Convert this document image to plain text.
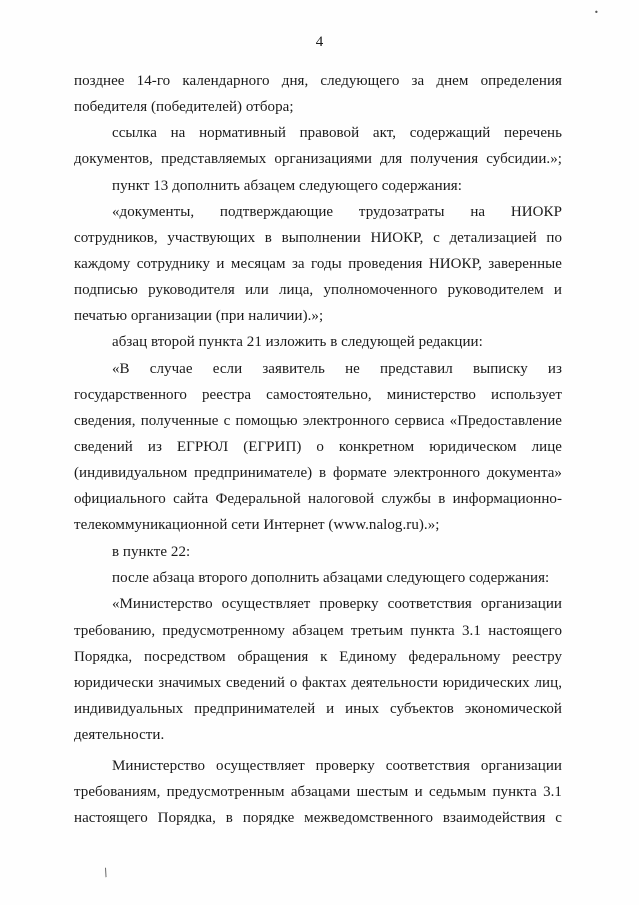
4
•
/
позднее 14-го календарного дня, следующего за днем определения
победителя (победителей) отбора;
ссылка на нормативный правовой акт, содержащий перечень
документов, представляемых организациями для получения субсидии.»;
пункт 13 дополнить абзацем следующего содержания:
«документы, подтверждающие трудозатраты на НИОКР
сотрудников, участвующих в выполнении НИОКР, с детализацией по
каждому сотруднику и месяцам за годы проведения НИОКР, заверенные
подписью руководителя или лица, уполномоченного руководителем и
печатью организации (при наличии).»;
абзац второй пункта 21 изложить в следующей редакции:
«В случае если заявитель не представил выписку из
государственного реестра самостоятельно, министерство использует
сведения, полученные с помощью электронного сервиса «Предоставление
сведений из ЕГРЮЛ (ЕГРИП) о конкретном юридическом лице
(индивидуальном предпринимателе) в формате электронного документа»
официального сайта Федеральной налоговой службы в информационно-
телекоммуникационной сети Интернет (www.nalog.ru).»;
в пункте 22:
после абзаца второго дополнить абзацами следующего содержания:
«Министерство осуществляет проверку соответствия организации
требованию, предусмотренному абзацем третьим пункта 3.1 настоящего
Порядка, посредством обращения к Единому федеральному реестру
юридически значимых сведений о фактах деятельности юридических лиц,
индивидуальных предпринимателей и иных субъектов экономической
деятельности.
Министерство осуществляет проверку соответствия организации
требованиям, предусмотренным абзацами шестым и седьмым пункта 3.1
настоящего Порядка, в порядке межведомственного взаимодействия с
